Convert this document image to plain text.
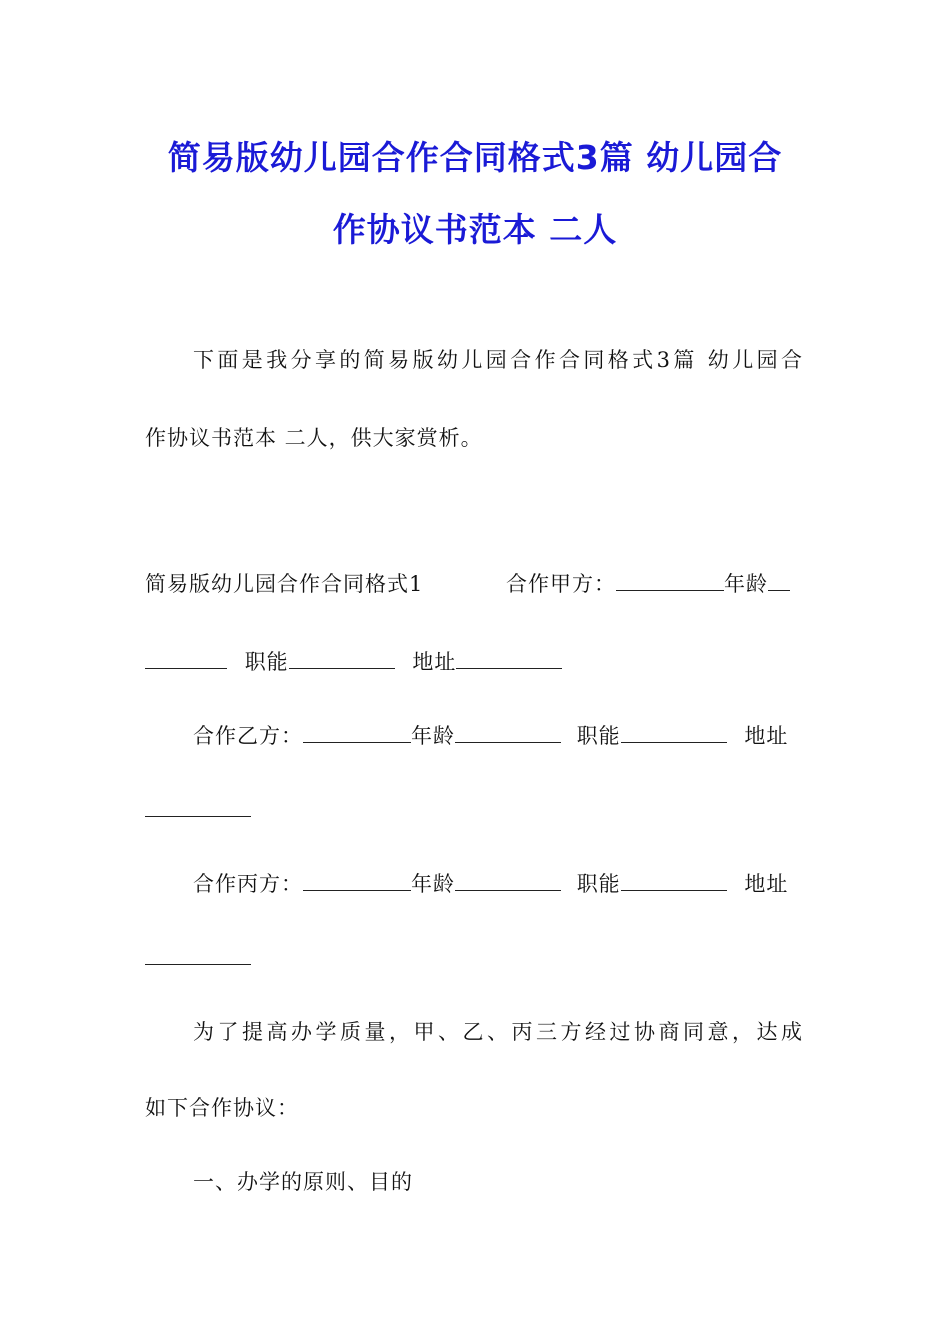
简易版幼儿园合作合同格式3篇 幼儿园合
作协议书范本 二人
下面是我分享的简易版幼儿园合作合同格式3篇 幼儿园合
作协议书范本 二人，供大家赏析。
简易版幼儿园合作合同格式1	合作甲方：	年龄
职能	地址
合作乙方：	年龄	职能	地址
合作丙方：	年龄	职能	地址
为了提高办学质量，甲、乙、丙三方经过协商同意，达成
如下合作协议：
一、办学的原则、目的
